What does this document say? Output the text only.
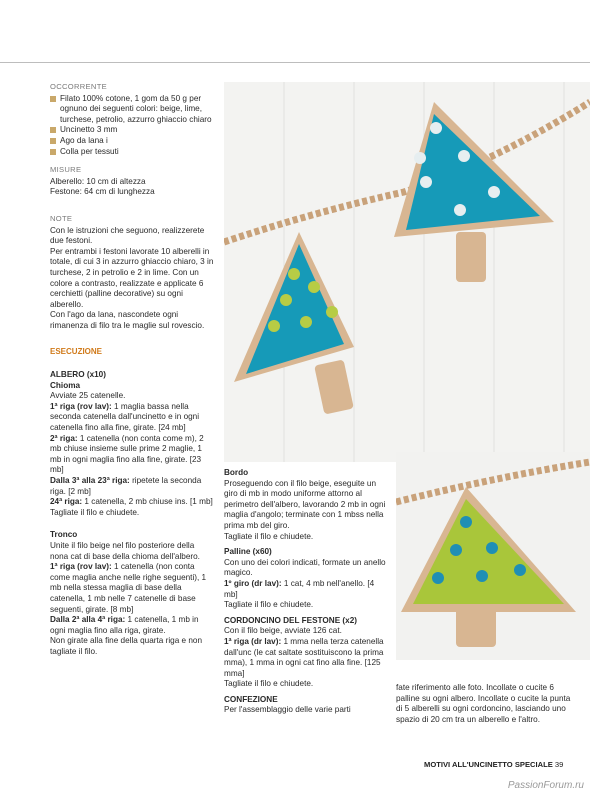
OCCORRENTE
Filato 100% cotone, 1 gom da 50 g per ognuno dei seguenti colori: beige, lime, turchese, petrolio, azzurro ghiaccio chiaro
Uncinetto 3 mm
Ago da lana i
Colla per tessuti
MISURE

Alberello: 10 cm di altezza

Festone: 64 cm di lunghezza

NOTE

Con le istruzioni che seguono, realizzerete due festoni.

Per entrambi i festoni lavorate 10 alberelli in totale, di cui 3 in azzurro ghiaccio chiaro, 3 in turchese, 2 in petrolio e 2 in lime. Con un colore a contrasto, realizzate e applicate 6 cerchietti (palline decorative) su ogni alberello.

Con l'ago da lana, nascondete ogni rimanenza di filo tra le maglie sul rovescio.

ESECUZIONE
ALBERO (x10)
Chioma

Avviate 25 catenelle.

1ª riga (rov lav): 1 maglia bassa nella seconda catenella dall'uncinetto e in ogni catenella fino alla fine, girate. [24 mb]

2ª riga: 1 catenella (non conta come m), 2 mb chiuse insieme sulle prime 2 maglie, 1 mb in ogni maglia fino alla fine, girate. [23 mb]

Dalla 3ª alla 23ª riga: ripetete la seconda riga. [2 mb]

24ª riga: 1 catenella, 2 mb chiuse ins. [1 mb]

Tagliate il filo e chiudete.

Tronco

Unite il filo beige nel filo posteriore della nona cat di base della chioma dell'albero.

1ª riga (rov lav): 1 catenella (non conta come maglia anche nelle righe seguenti), 1 mb nella stessa maglia di base della catenella, 1 mb nelle 7 catenelle di base seguenti, girate. [8 mb]

Dalla 2ª alla 4ª riga: 1 catenella, 1 mb in ogni maglia fino alla riga, girate.

Non girate alla fine della quarta riga e non tagliate il filo.

Bordo

Proseguendo con il filo beige, eseguite un giro di mb in modo uniforme attorno al perimetro dell'albero, lavorando 2 mb in ogni maglia d'angolo; terminate con 1 mbss nella prima mb del giro.

Tagliate il filo e chiudete.

Palline (x60)

Con uno dei colori indicati, formate un anello magico.

1º giro (dr lav): 1 cat, 4 mb nell'anello. [4 mb]

Tagliate il filo e chiudete.

CORDONCINO DEL FESTONE (x2)

Con il filo beige, avviate 126 cat.

1ª riga (dr lav): 1 mma nella terza catenella dall'unc (le cat saltate sostituiscono la prima mma), 1 mma in ogni cat fino alla fine. [125 mma]

Tagliate il filo e chiudete.

CONFEZIONE

Per l'assemblaggio delle varie parti

fate riferimento alle foto. Incollate o cucite 6 palline su ogni albero. Incollate o cucite la punta di 5 alberelli su ogni cordoncino, lasciando uno spazio di 20 cm tra un alberello e l'altro.

MOTIVI ALL'UNCINETTO SPECIALE 39
PassionForum.ru
